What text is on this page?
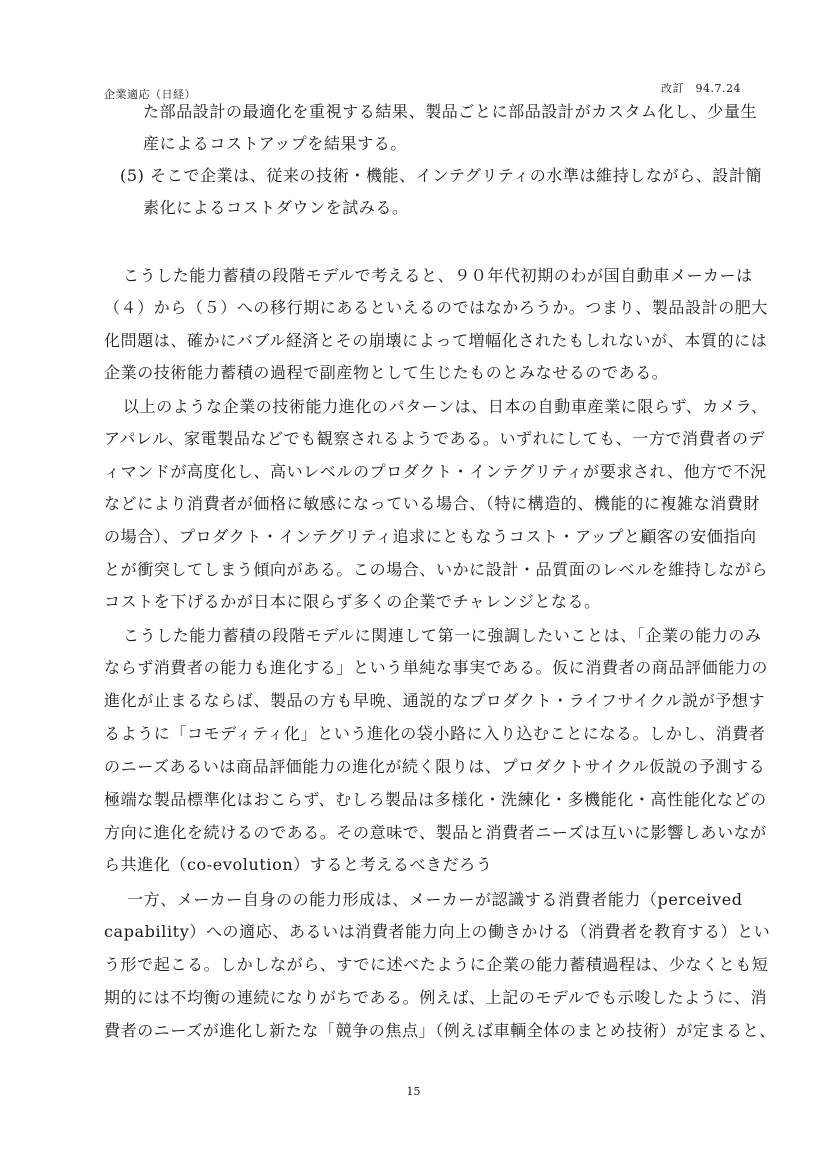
企業適応（日経）	改訂　94.7.24
た部品設計の最適化を重視する結果、製品ごとに部品設計がカスタム化し、少量生
産によるコストアップを結果する。
(5) そこで企業は、従来の技術・機能、インテグリティの水準は維持しながら、設計簡
素化によるコストダウンを試みる。
こうした能力蓄積の段階モデルで考えると、９０年代初期のわが国自動車メーカーは
（４）から（５）への移行期にあるといえるのではなかろうか。つまり、製品設計の肥大
化問題は、確かにバブル経済とその崩壊によって増幅化されたもしれないが、本質的には
企業の技術能力蓄積の過程で副産物として生じたものとみなせるのである。
以上のような企業の技術能力進化のパターンは、日本の自動車産業に限らず、カメラ、
アパレル、家電製品などでも観察されるようである。いずれにしても、一方で消費者のデ
ィマンドが高度化し、高いレベルのプロダクト・インテグリティが要求され、他方で不況
などにより消費者が価格に敏感になっている場合、（特に構造的、機能的に複雑な消費財
の場合）、プロダクト・インテグリティ追求にともなうコスト・アップと顧客の安価指向
とが衝突してしまう傾向がある。この場合、いかに設計・品質面のレベルを維持しながら
コストを下げるかが日本に限らず多くの企業でチャレンジとなる。
こうした能力蓄積の段階モデルに関連して第一に強調したいことは、「企業の能力のみ
ならず消費者の能力も進化する」という単純な事実である。仮に消費者の商品評価能力の
進化が止まるならば、製品の方も早晩、通説的なプロダクト・ライフサイクル説が予想す
るように「コモディティ化」という進化の袋小路に入り込むことになる。しかし、消費者
のニーズあるいは商品評価能力の進化が続く限りは、プロダクトサイクル仮説の予測する
極端な製品標準化はおこらず、むしろ製品は多様化・洗練化・多機能化・高性能化などの
方向に進化を続けるのである。その意味で、製品と消費者ニーズは互いに影響しあいなが
ら共進化（co-evolution）すると考えるべきだろう
一方、メーカー自身のの能力形成は、メーカーが認識する消費者能力（perceived
capability）への適応、あるいは消費者能力向上の働きかける（消費者を教育する）とい
う形で起こる。しかしながら、すでに述べたように企業の能力蓄積過程は、少なくとも短
期的には不均衡の連続になりがちである。例えば、上記のモデルでも示唆したように、消
費者のニーズが進化し新たな「競争の焦点」（例えば車輌全体のまとめ技術）が定まると、
15
